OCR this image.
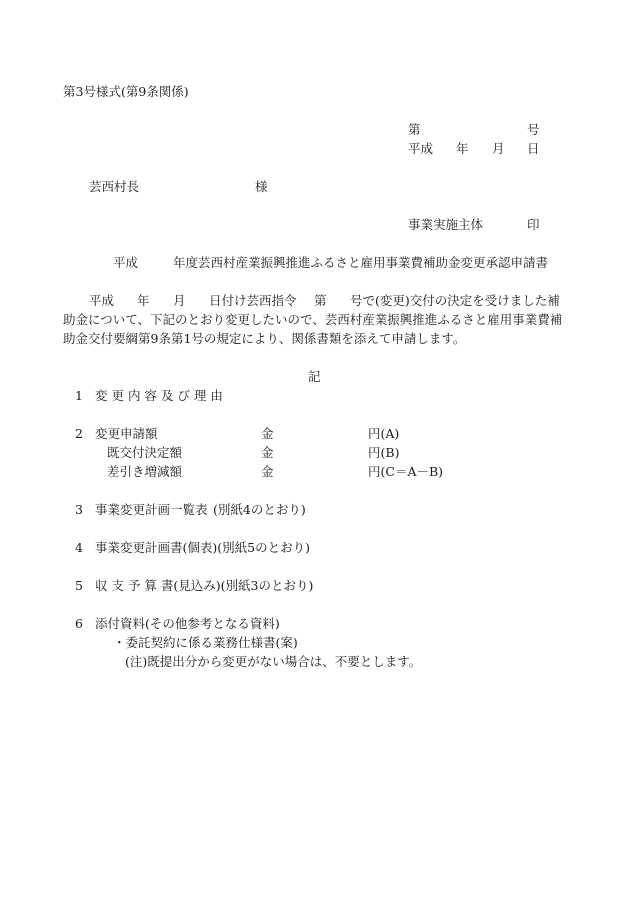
第3号様式(第9条関係)
第	号
平成 年 月 日
芸西村長	様
事業実施主体	印
平成	年度芸西村産業振興推進ふるさと雇用事業費補助金変更承認申請書
平成 年 月 日付け芸西指令 第 号で(変更)交付の決定を受けました補
助金について、下記のとおり変更したいので、芸西村産業振興推進ふるさと雇用事業費補
助金交付要綱第9条第1号の規定により、関係書類を添えて申請します。
記
1 変 更 内 容 及 び 理 由
2 変更申請額	金	円(A)
既交付決定額	金	円(B)
差引き増減額	金	円(C＝A－B)
3 事業変更計画一覧表 (別紙4のとおり)
4 事業変更計画書(個表)(別紙5のとおり)
5 収 支 予 算 書(見込み)(別紙3のとおり)
6 添付資料(その他参考となる資料)
・委託契約に係る業務仕様書(案)
(注)既提出分から変更がない場合は、不要とします。
